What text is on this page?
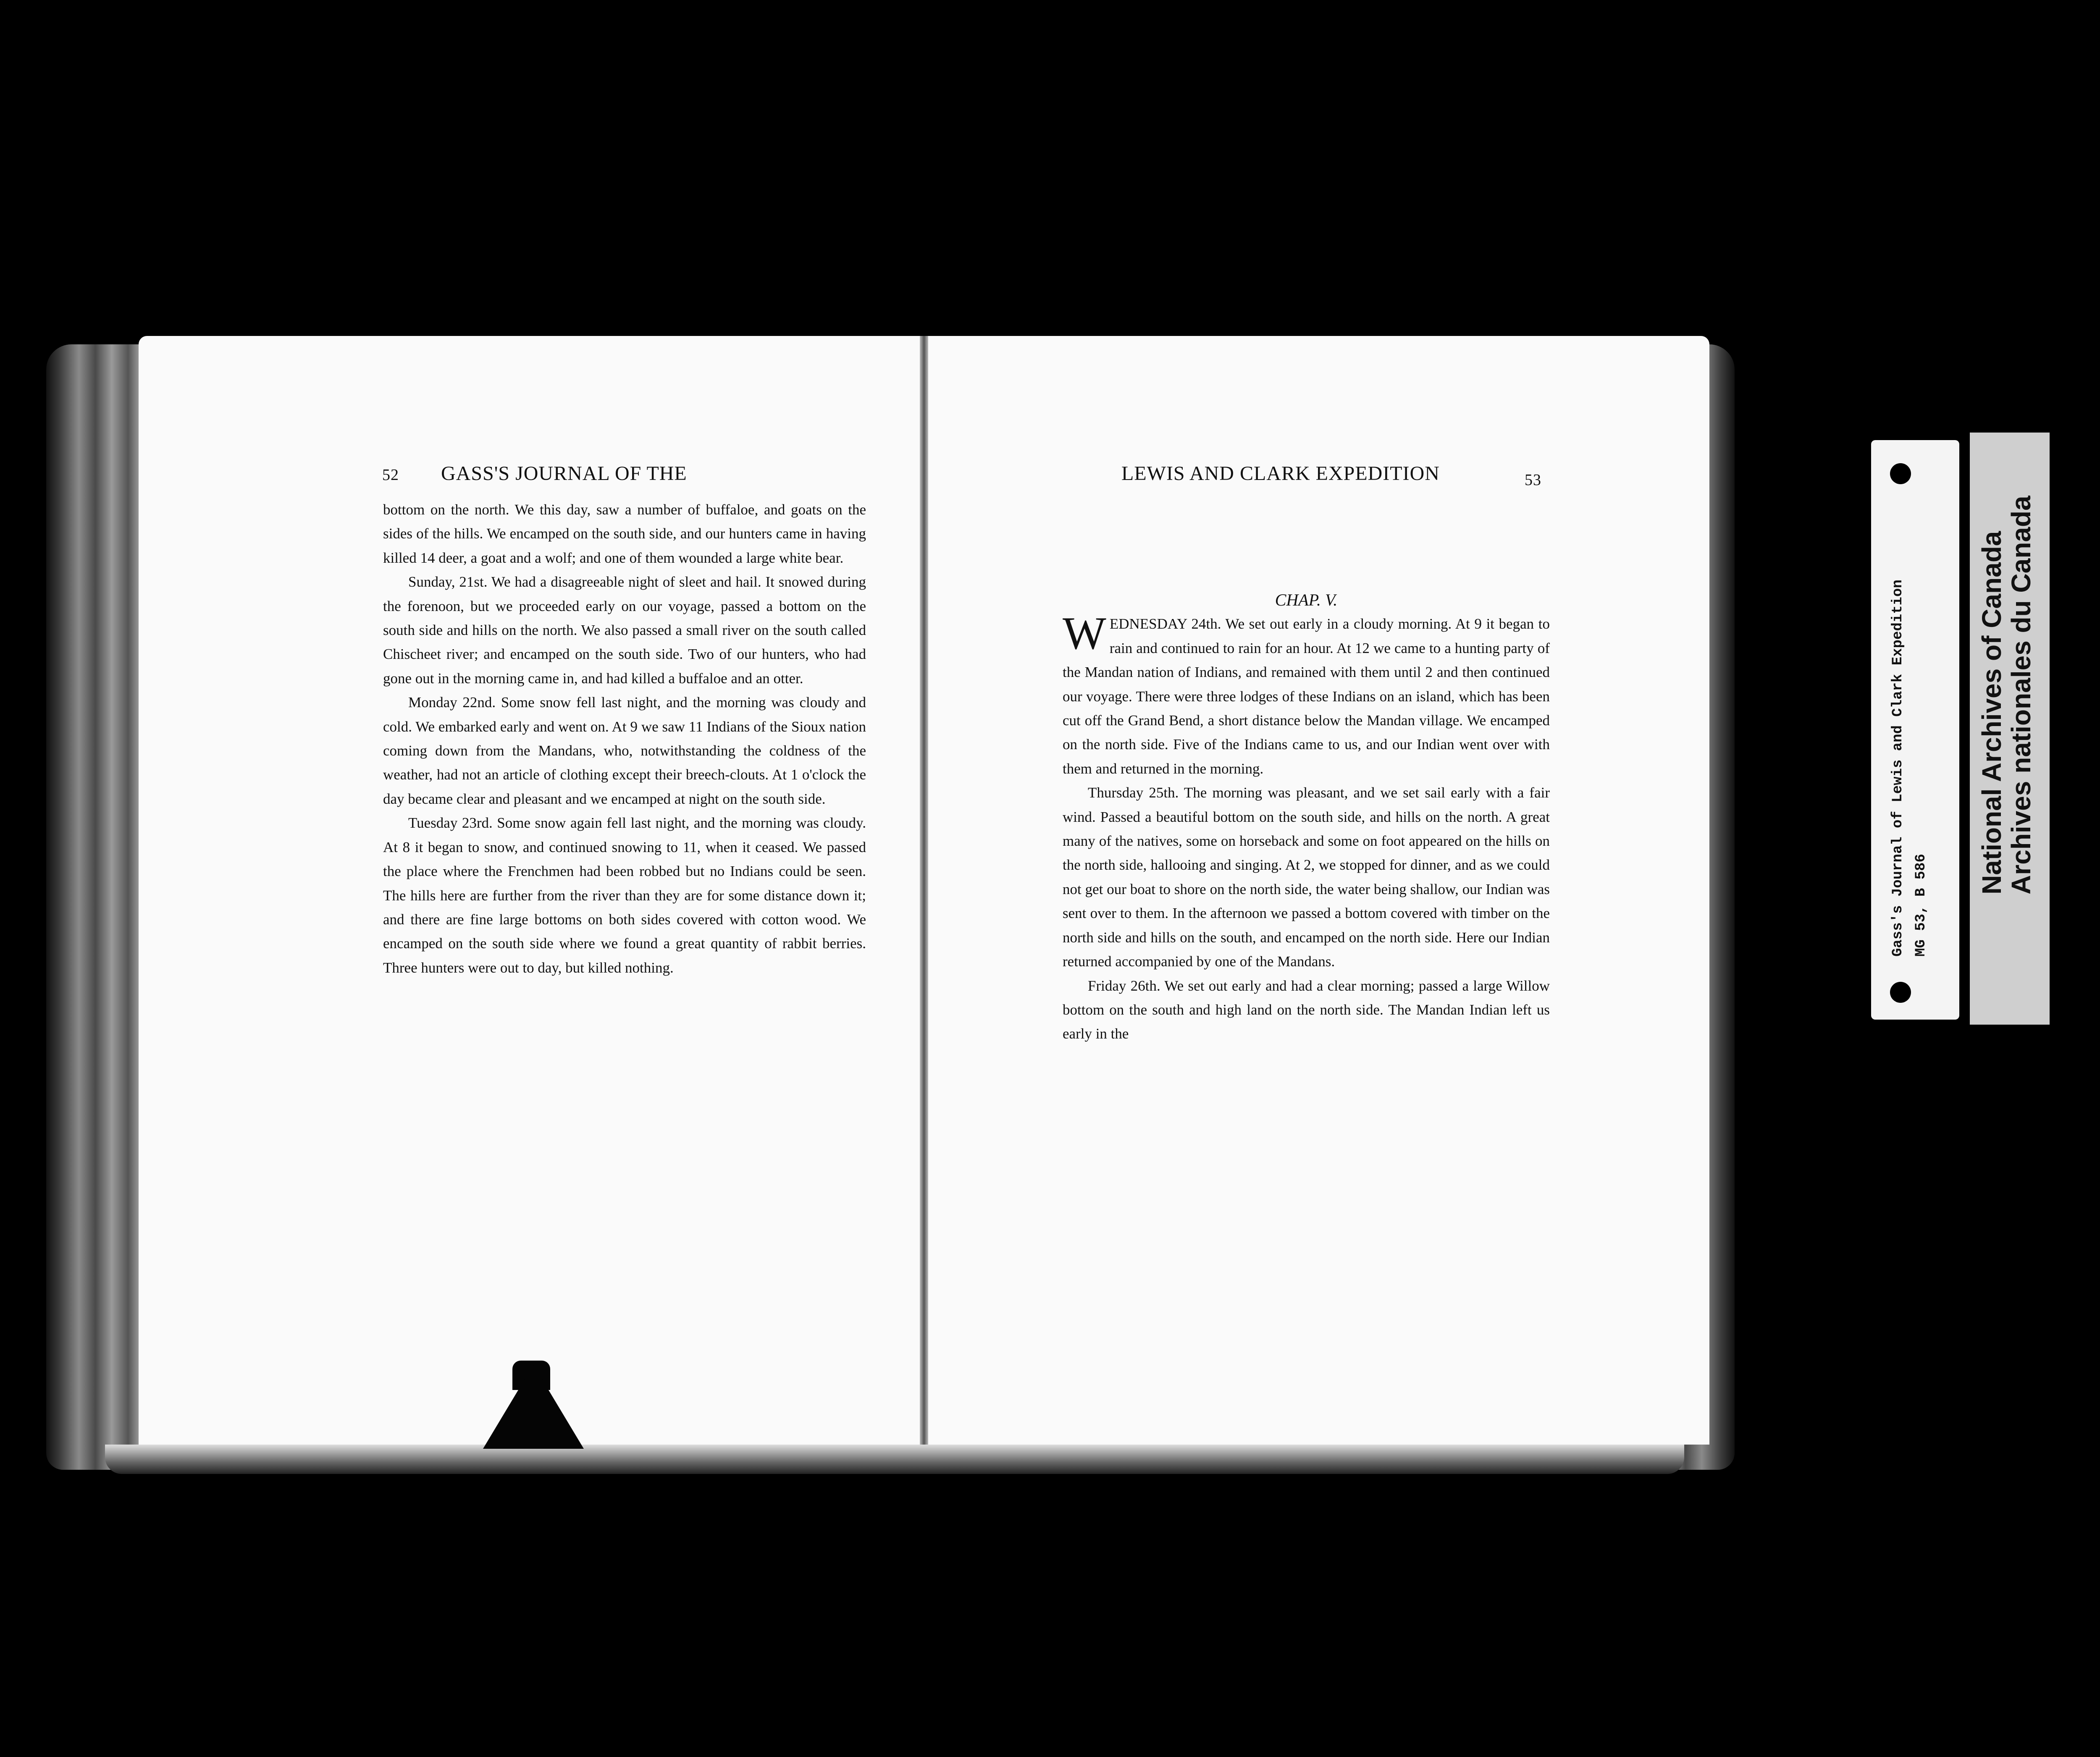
52 GASS'S JOURNAL OF THE

bottom on the north. We this day, saw a number of buffaloe, and goats on the sides of the hills. We encamped on the south side, and our hunters came in having killed 14 deer, a goat and a wolf; and one of them wounded a large white bear.

Sunday, 21st. We had a disagreeable night of sleet and hail. It snowed during the forenoon, but we proceeded early on our voyage, passed a bottom on the south side and hills on the north. We also passed a small river on the south called Chischeet river; and encamped on the south side. Two of our hunters, who had gone out in the morning came in, and had killed a buffaloe and an otter.

Monday 22nd. Some snow fell last night, and the morning was cloudy and cold. We embarked early and went on. At 9 we saw 11 Indians of the Sioux nation coming down from the Mandans, who, notwithstanding the coldness of the weather, had not an article of clothing except their breech-clouts. At 1 o'clock the day became clear and pleasant and we encamped at night on the south side.

Tuesday 23rd. Some snow again fell last night, and the morning was cloudy. At 8 it began to snow, and continued snowing to 11, when it ceased. We passed the place where the Frenchmen had been robbed but no Indians could be seen. The hills here are further from the river than they are for some distance down it; and there are fine large bottoms on both sides covered with cotton wood. We encamped on the south side where we found a great quantity of rabbit berries. Three hunters were out to day, but killed nothing.

LEWIS AND CLARK EXPEDITION	53

CHAP. V.

WEDNESDAY 24th. We set out early in a cloudy morning. At 9 it began to rain and continued to rain for an hour. At 12 we came to a hunting party of the Mandan nation of Indians, and remained with them until 2 and then continued our voyage. There were three lodges of these Indians on an island, which has been cut off the Grand Bend, a short distance below the Mandan village. We encamped on the north side. Five of the Indians came to us, and our Indian went over with them and returned in the morning.

Thursday 25th. The morning was pleasant, and we set sail early with a fair wind. Passed a beautiful bottom on the south side, and hills on the north. A great many of the natives, some on horseback and some on foot appeared on the hills on the north side, hallooing and singing. At 2, we stopped for dinner, and as we could not get our boat to shore on the north side, the water being shallow, our Indian was sent over to them. In the afternoon we passed a bottom covered with timber on the north side and hills on the south, and encamped on the north side. Here our Indian returned accompanied by one of the Mandans.

Friday 26th. We set out early and had a clear morning; passed a large Willow bottom on the south and high land on the north side. The Mandan Indian left us early in the

Gass's Journal of Lewis and Clark Expedition MG 53, B 586
National Archives of Canada
Archives nationales du Canada
